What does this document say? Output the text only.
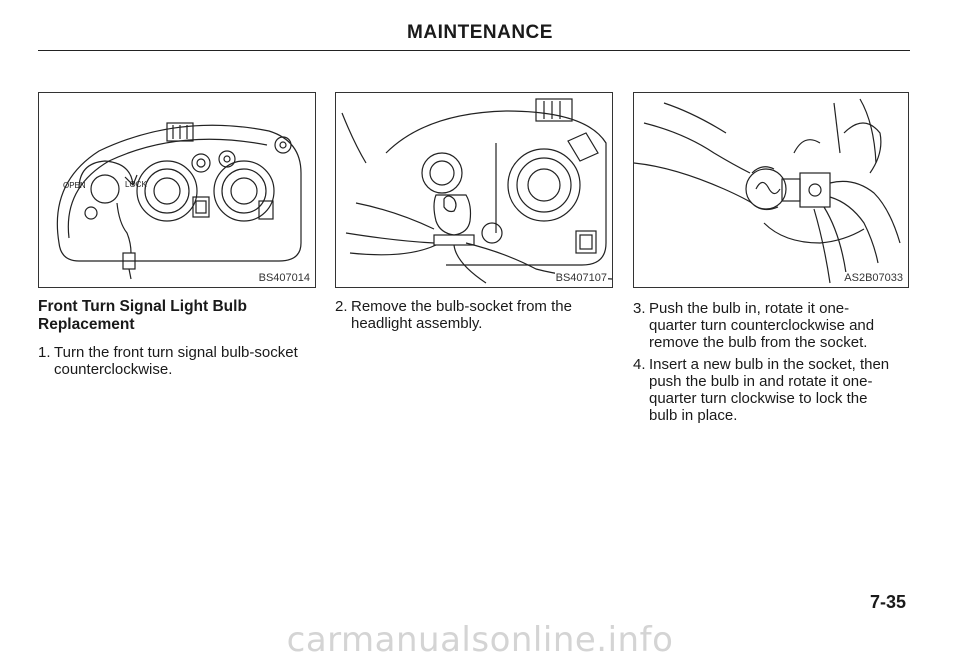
MAINTENANCE
OPEN	LOCK
BS407014	BS407107	AS2B07033
Front Turn Signal Light Bulb Replacement
1. Turn the front turn signal bulb-socket counterclockwise.
2. Remove the bulb-socket from the headlight assembly.
3. Push the bulb in, rotate it one-quarter turn counterclockwise and remove the bulb from the socket.
4. Insert a new bulb in the socket, then push the bulb in and rotate it one-quarter turn clockwise to lock the bulb in place.
7-35
carmanualsonline.info
